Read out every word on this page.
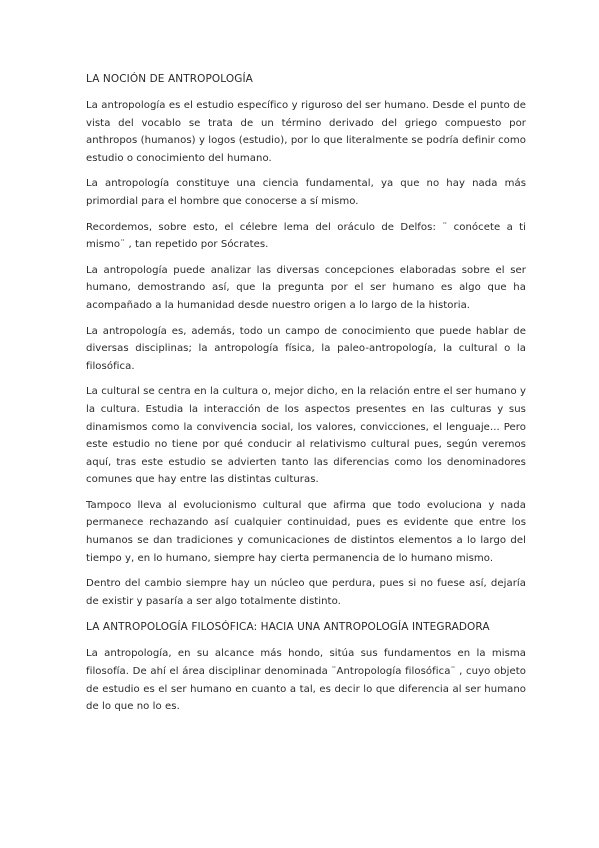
LA NOCIÓN DE ANTROPOLOGÍA

La antropología es el estudio específico y riguroso del ser humano. Desde el punto de vista del vocablo se trata de un término derivado del griego compuesto por anthropos (humanos) y logos (estudio), por lo que literalmente se podría definir como estudio o conocimiento del humano.

La antropología constituye una ciencia fundamental, ya que no hay nada más primordial para el hombre que conocerse a sí mismo.

Recordemos, sobre esto, el célebre lema del oráculo de Delfos: ¨ conócete a ti mismo¨ , tan repetido por Sócrates.

La antropología puede analizar las diversas concepciones elaboradas sobre el ser humano, demostrando así, que la pregunta por el ser humano es algo que ha acompañado a la humanidad desde nuestro origen a lo largo de la historia.

La antropología es, además, todo un campo de conocimiento que puede hablar de diversas disciplinas; la antropología física, la paleo-antropología, la cultural o la filosófica.

La cultural se centra en la cultura o, mejor dicho, en la relación entre el ser humano y la cultura. Estudia la interacción de los aspectos presentes en las culturas y sus dinamismos como la convivencia social, los valores, convicciones, el lenguaje... Pero este estudio no tiene por qué conducir al relativismo cultural pues, según veremos aquí, tras este estudio se advierten tanto las diferencias como los denominadores comunes que hay entre las distintas culturas.

Tampoco lleva al evolucionismo cultural que afirma que todo evoluciona y nada permanece rechazando así cualquier continuidad, pues es evidente que entre los humanos se dan tradiciones y comunicaciones de distintos elementos a lo largo del tiempo y, en lo humano, siempre hay cierta permanencia de lo humano mismo.

Dentro del cambio siempre hay un núcleo que perdura, pues si no fuese así, dejaría de existir y pasaría a ser algo totalmente distinto.

LA ANTROPOLOGÍA FILOSÓFICA: HACIA UNA ANTROPOLOGÍA INTEGRADORA

La antropología, en su alcance más hondo, sitúa sus fundamentos en la misma filosofía. De ahí el área disciplinar denominada ¨Antropología filosófica¨ , cuyo objeto de estudio es el ser humano en cuanto a tal, es decir lo que diferencia al ser humano de lo que no lo es.
